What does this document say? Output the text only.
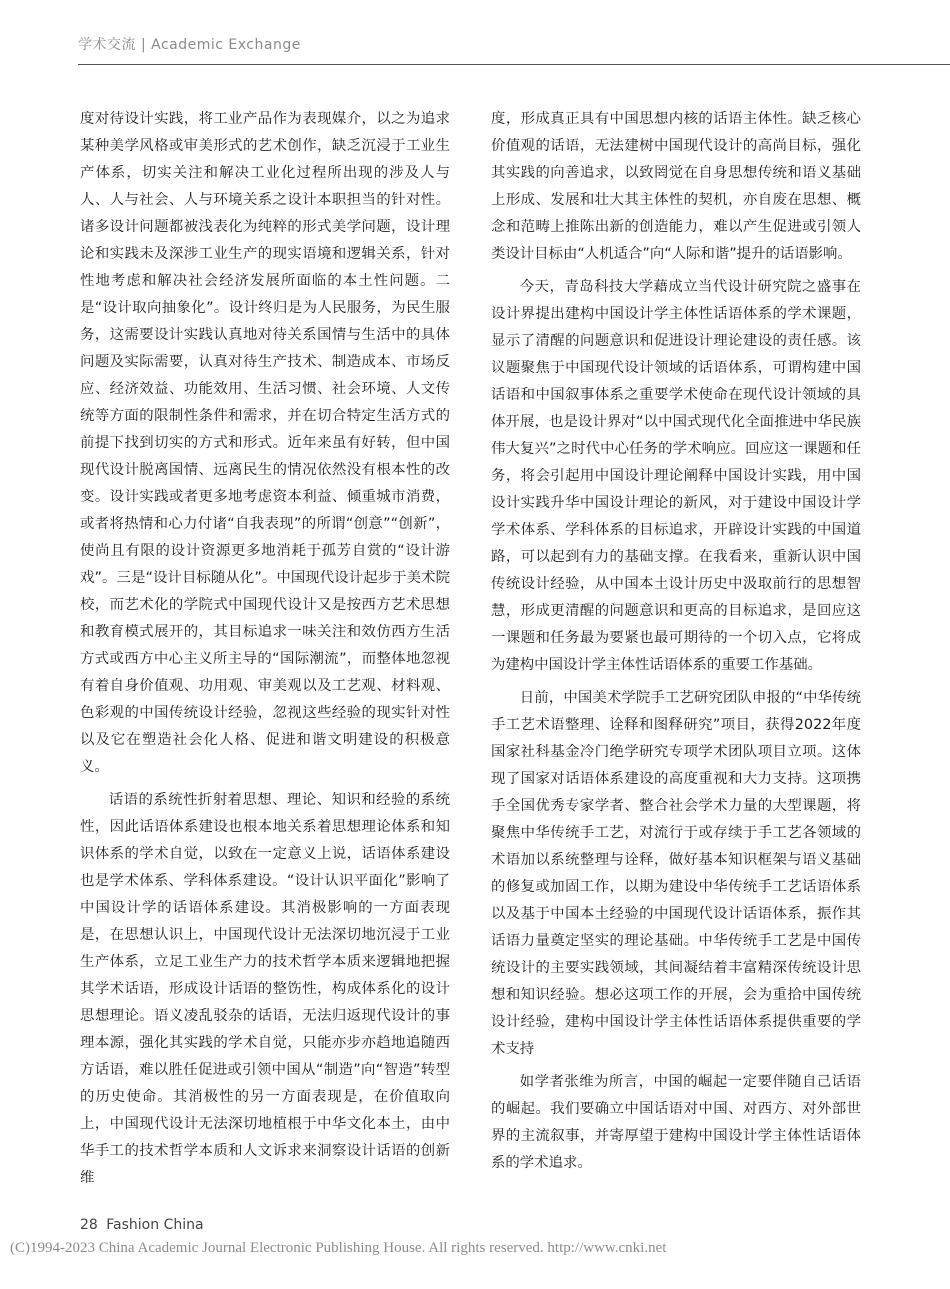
学术交流 | Academic Exchange

度对待设计实践，将工业产品作为表现媒介，以之为追求某种美学风格或审美形式的艺术创作，缺乏沉浸于工业生产体系，切实关注和解决工业化过程所出现的涉及人与人、人与社会、人与环境关系之设计本职担当的针对性。诸多设计问题都被浅表化为纯粹的形式美学问题，设计理论和实践未及深涉工业生产的现实语境和逻辑关系，针对性地考虑和解决社会经济发展所面临的本土性问题。二是“设计取向抽象化”。设计终归是为人民服务，为民生服务，这需要设计实践认真地对待关系国情与生活中的具体问题及实际需要，认真对待生产技术、制造成本、市场反应、经济效益、功能效用、生活习惯、社会环境、人文传统等方面的限制性条件和需求，并在切合特定生活方式的前提下找到切实的方式和形式。近年来虽有好转，但中国现代设计脱离国情、远离民生的情况依然没有根本性的改变。设计实践或者更多地考虑资本利益、倾重城市消费，或者将热情和心力付诸“自我表现”的所谓“创意”“创新”，使尚且有限的设计资源更多地消耗于孤芳自赏的“设计游戏”。三是“设计目标随从化”。中国现代设计起步于美术院校，而艺术化的学院式中国现代设计又是按西方艺术思想和教育模式展开的，其目标追求一味关注和效仿西方生活方式或西方中心主义所主导的“国际潮流”，而整体地忽视有着自身价值观、功用观、审美观以及工艺观、材料观、色彩观的中国传统设计经验，忽视这些经验的现实针对性以及它在塑造社会化人格、促进和谐文明建设的积极意义。

话语的系统性折射着思想、理论、知识和经验的系统性，因此话语体系建设也根本地关系着思想理论体系和知识体系的学术自觉，以致在一定意义上说，话语体系建设也是学术体系、学科体系建设。“设计认识平面化”影响了中国设计学的话语体系建设。其消极影响的一方面表现是，在思想认识上，中国现代设计无法深切地沉浸于工业生产体系，立足工业生产力的技术哲学本质来逻辑地把握其学术话语，形成设计话语的整饬性，构成体系化的设计思想理论。语义凌乱驳杂的话语，无法归返现代设计的事理本源，强化其实践的学术自觉，只能亦步亦趋地追随西方话语，难以胜任促进或引领中国从“制造”向“智造”转型的历史使命。其消极性的另一方面表现是，在价值取向上，中国现代设计无法深切地植根于中华文化本土，由中华手工的技术哲学本质和人文诉求来洞察设计话语的创新维

度，形成真正具有中国思想内核的话语主体性。缺乏核心价值观的话语，无法建树中国现代设计的高尚目标，强化其实践的向善追求，以致罔觉在自身思想传统和语义基础上形成、发展和壮大其主体性的契机，亦自废在思想、概念和范畴上推陈出新的创造能力，难以产生促进或引领人类设计目标由“人机适合”向“人际和谐”提升的话语影响。

今天，青岛科技大学藉成立当代设计研究院之盛事在设计界提出建构中国设计学主体性话语体系的学术课题，显示了清醒的问题意识和促进设计理论建设的责任感。该议题聚焦于中国现代设计领域的话语体系，可谓构建中国话语和中国叙事体系之重要学术使命在现代设计领域的具体开展，也是设计界对“以中国式现代化全面推进中华民族伟大复兴”之时代中心任务的学术响应。回应这一课题和任务，将会引起用中国设计理论阐释中国设计实践，用中国设计实践升华中国设计理论的新风，对于建设中国设计学学术体系、学科体系的目标追求，开辟设计实践的中国道路，可以起到有力的基础支撑。在我看来，重新认识中国传统设计经验，从中国本土设计历史中汲取前行的思想智慧，形成更清醒的问题意识和更高的目标追求，是回应这一课题和任务最为要紧也最可期待的一个切入点，它将成为建构中国设计学主体性话语体系的重要工作基础。

日前，中国美术学院手工艺研究团队申报的“中华传统手工艺术语整理、诠释和图释研究”项目，获得2022年度国家社科基金冷门绝学研究专项学术团队项目立项。这体现了国家对话语体系建设的高度重视和大力支持。这项携手全国优秀专家学者、整合社会学术力量的大型课题，将聚焦中华传统手工艺，对流行于或存续于手工艺各领域的术语加以系统整理与诠释，做好基本知识框架与语义基础的修复或加固工作，以期为建设中华传统手工艺话语体系以及基于中国本土经验的中国现代设计话语体系，振作其话语力量奠定坚实的理论基础。中华传统手工艺是中国传统设计的主要实践领域，其间凝结着丰富精深传统设计思想和知识经验。想必这项工作的开展，会为重拾中国传统设计经验，建构中国设计学主体性话语体系提供重要的学术支持

如学者张维为所言，中国的崛起一定要伴随自己话语的崛起。我们要确立中国话语对中国、对西方、对外部世界的主流叙事，并寄厚望于建构中国设计学主体性话语体系的学术追求。

28 Fashion China
(C)1994-2023 China Academic Journal Electronic Publishing House. All rights reserved. http://www.cnki.net
